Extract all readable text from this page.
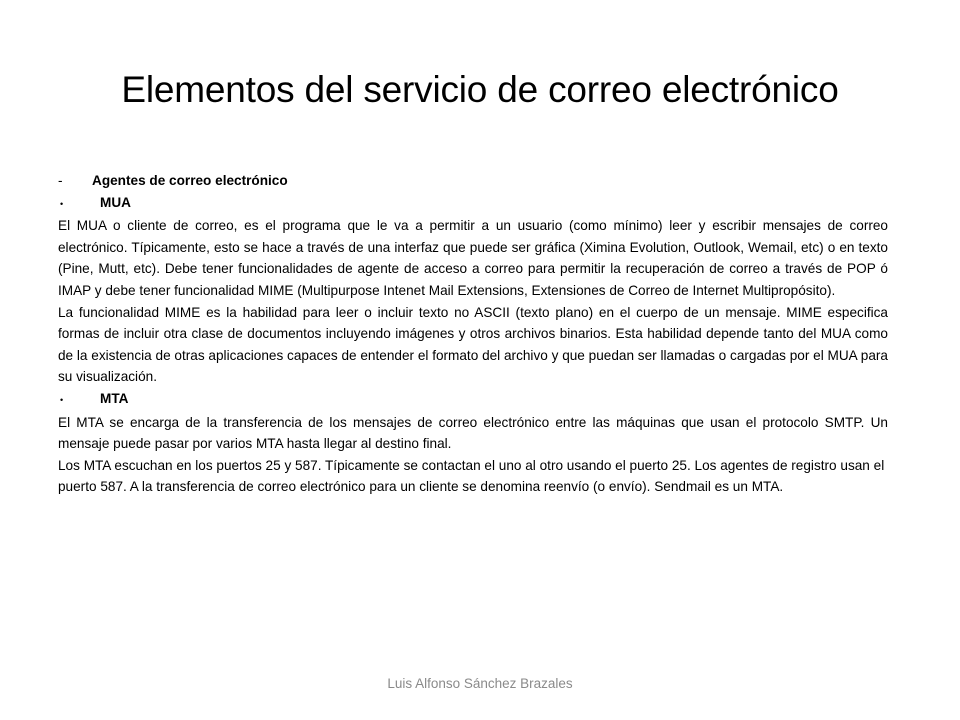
Elementos del servicio de correo electrónico
-	Agentes de correo electrónico
•	MUA

El MUA o cliente de correo, es el programa que le va a permitir a un usuario (como mínimo) leer y escribir mensajes de correo electrónico. Típicamente, esto se hace a través de una interfaz que puede ser gráfica (Ximina Evolution, Outlook, Wemail, etc) o en texto (Pine, Mutt, etc). Debe tener funcionalidades de agente de acceso a correo para permitir la recuperación de correo a través de POP ó IMAP y debe tener funcionalidad MIME (Multipurpose Intenet Mail Extensions, Extensiones de Correo de Internet Multipropósito).

La funcionalidad MIME es la habilidad para leer o incluir texto no ASCII (texto plano) en el cuerpo de un mensaje. MIME especifica formas de incluir otra clase de documentos incluyendo imágenes y otros archivos binarios. Esta habilidad depende tanto del MUA como de la existencia de otras aplicaciones capaces de entender el formato del archivo y que puedan ser llamadas o cargadas por el MUA para su visualización.

•	MTA

El MTA se encarga de la transferencia de los mensajes de correo electrónico entre las máquinas que usan el protocolo SMTP. Un mensaje puede pasar por varios MTA hasta llegar al destino final.

Los MTA escuchan en los puertos 25 y 587. Típicamente se contactan el uno al otro usando el puerto 25. Los agentes de registro usan el puerto 587. A la transferencia de correo electrónico para un cliente se denomina reenvío (o envío). Sendmail es un MTA.

Luis Alfonso Sánchez Brazales
